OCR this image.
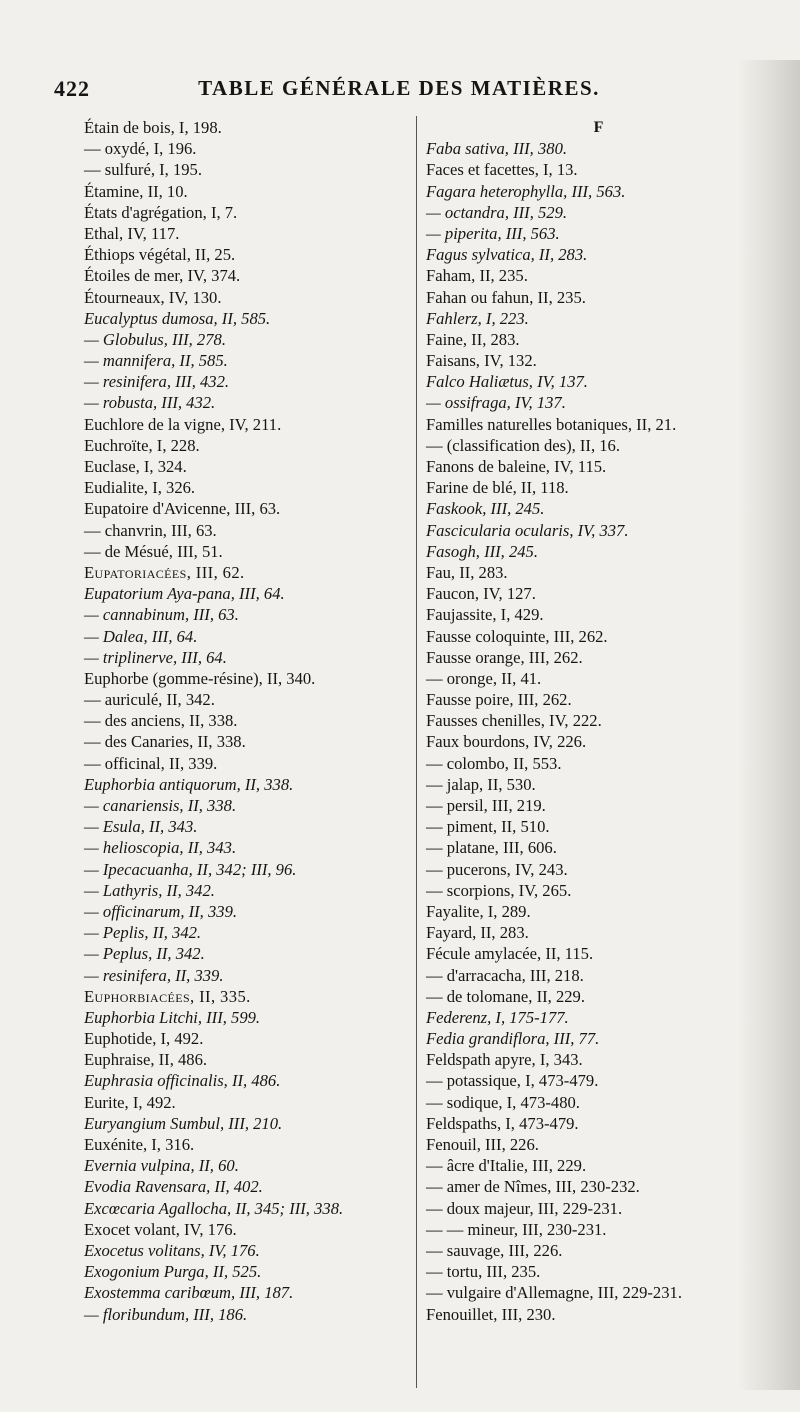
422	TABLE GÉNÉRALE DES MATIÈRES.
Étain de bois, I, 198.
— oxydé, I, 196.
— sulfuré, I, 195.
Étamine, II, 10.
États d'agrégation, I, 7.
Ethal, IV, 117.
Éthiops végétal, II, 25.
Étoiles de mer, IV, 374.
Étourneaux, IV, 130.
Eucalyptus dumosa, II, 585.
— Globulus, III, 278.
— mannifera, II, 585.
— resinifera, III, 432.
— robusta, III, 432.
Euchlore de la vigne, IV, 211.
Euchroïte, I, 228.
Euclase, I, 324.
Eudialite, I, 326.
Eupatoire d'Avicenne, III, 63.
— chanvrin, III, 63.
— de Mésué, III, 51.
Eupatoriacées, III, 62.
Eupatorium Aya-pana, III, 64.
— cannabinum, III, 63.
— Dalea, III, 64.
— triplinerve, III, 64.
Euphorbe (gomme-résine), II, 340.
— auriculé, II, 342.
— des anciens, II, 338.
— des Canaries, II, 338.
— officinal, II, 339.
Euphorbia antiquorum, II, 338.
— canariensis, II, 338.
— Esula, II, 343.
— helioscopia, II, 343.
— Ipecacuanha, II, 342; III, 96.
— Lathyris, II, 342.
— officinarum, II, 339.
— Peplis, II, 342.
— Peplus, II, 342.
— resinifera, II, 339.
Euphorbiacées, II, 335.
Euphorbia Litchi, III, 599.
Euphotide, I, 492.
Euphraise, II, 486.
Euphrasia officinalis, II, 486.
Eurite, I, 492.
Euryangium Sumbul, III, 210.
Euxénite, I, 316.
Evernia vulpina, II, 60.
Evodia Ravensara, II, 402.
Excœcaria Agallocha, II, 345; III, 338.
Exocet volant, IV, 176.
Exocetus volitans, IV, 176.
Exogonium Purga, II, 525.
Exostemma caribœum, III, 187.
— floribundum, III, 186.
F
Faba sativa, III, 380.
Faces et facettes, I, 13.
Fagara heterophylla, III, 563.
— octandra, III, 529.
— piperita, III, 563.
Fagus sylvatica, II, 283.
Faham, II, 235.
Fahan ou fahun, II, 235.
Fahlerz, I, 223.
Faine, II, 283.
Faisans, IV, 132.
Falco Haliætus, IV, 137.
— ossifraga, IV, 137.
Familles naturelles botaniques, II, 21.
— (classification des), II, 16.
Fanons de baleine, IV, 115.
Farine de blé, II, 118.
Faskook, III, 245.
Fascicularia ocularis, IV, 337.
Fasogh, III, 245.
Fau, II, 283.
Faucon, IV, 127.
Faujassite, I, 429.
Fausse coloquinte, III, 262.
Fausse orange, III, 262.
— oronge, II, 41.
Fausse poire, III, 262.
Fausses chenilles, IV, 222.
Faux bourdons, IV, 226.
— colombo, II, 553.
— jalap, II, 530.
— persil, III, 219.
— piment, II, 510.
— platane, III, 606.
— pucerons, IV, 243.
— scorpions, IV, 265.
Fayalite, I, 289.
Fayard, II, 283.
Fécule amylacée, II, 115.
— d'arracacha, III, 218.
— de tolomane, II, 229.
Federenz, I, 175-177.
Fedia grandiflora, III, 77.
Feldspath apyre, I, 343.
— potassique, I, 473-479.
— sodique, I, 473-480.
Feldspaths, I, 473-479.
Fenouil, III, 226.
— âcre d'Italie, III, 229.
— amer de Nîmes, III, 230-232.
— doux majeur, III, 229-231.
— — mineur, III, 230-231.
— sauvage, III, 226.
— tortu, III, 235.
— vulgaire d'Allemagne, III, 229-231.
Fenouillet, III, 230.
